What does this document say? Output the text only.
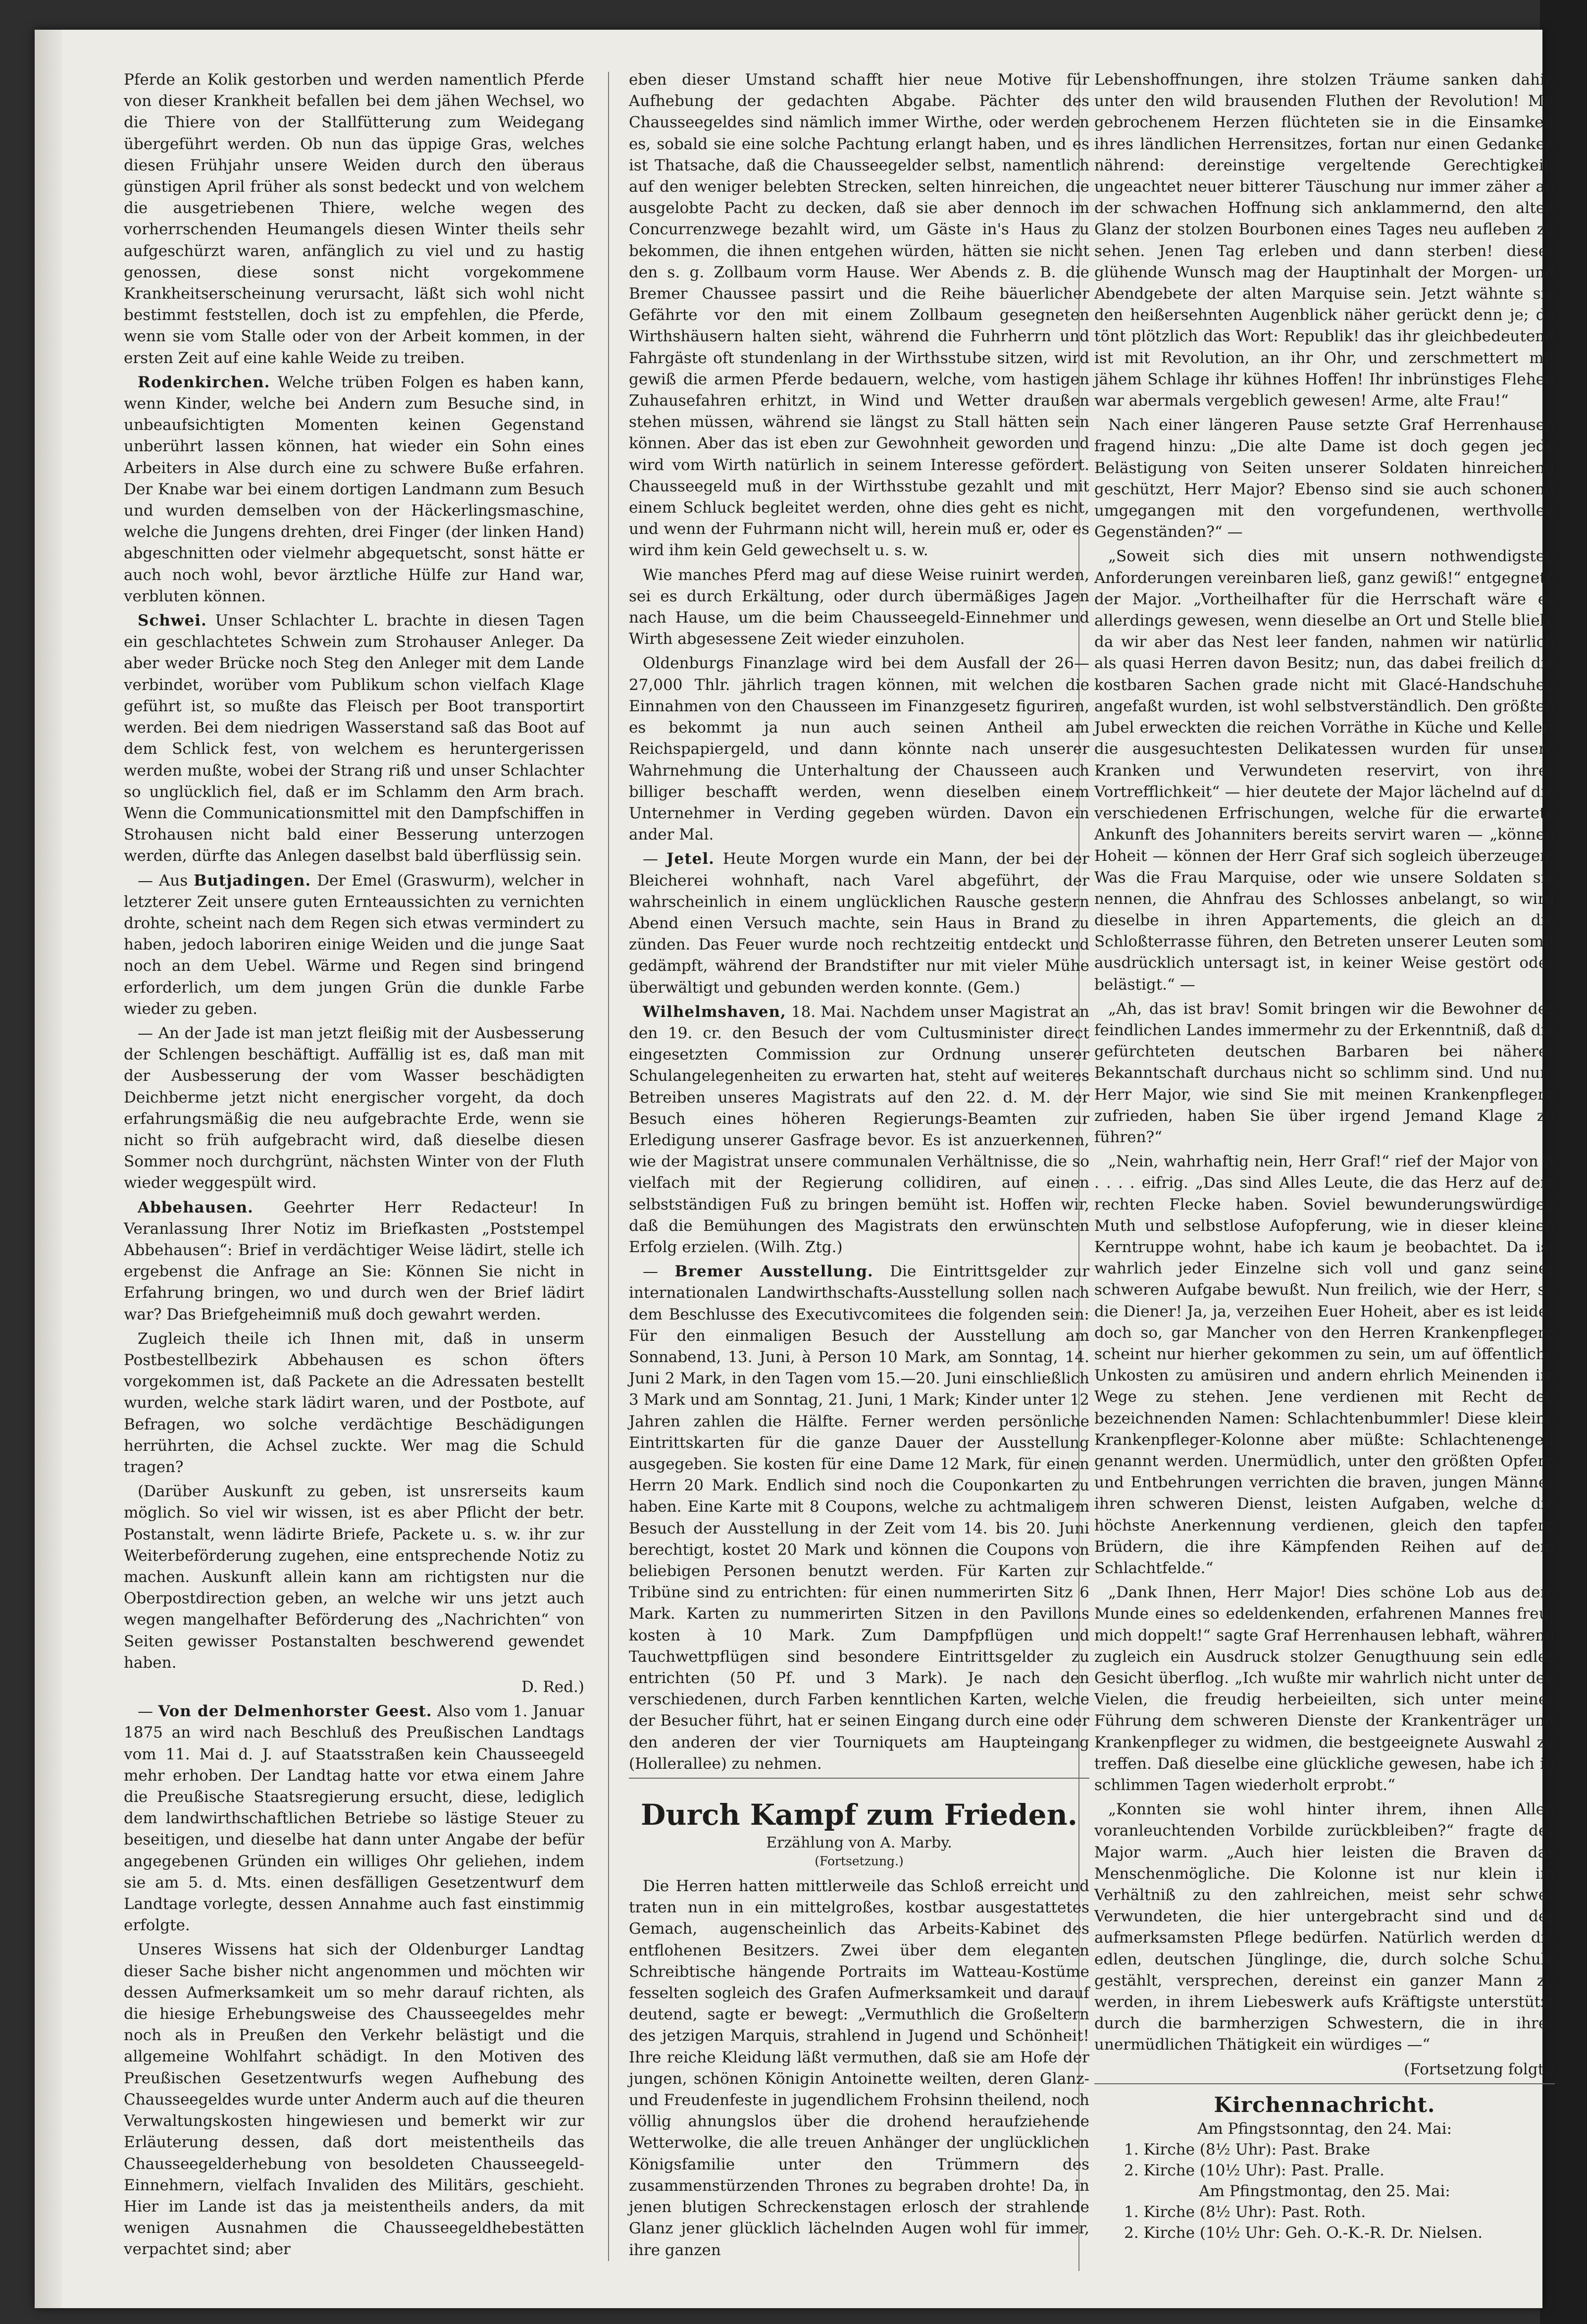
Pferde an Kolik gestorben und werden namentlich Pferde von dieser Krankheit befallen bei dem jähen Wechsel, wo die Thiere von der Stallfütterung zum Weidegang übergeführt werden. Ob nun das üppige Gras, welches diesen Frühjahr unsere Weiden durch den überaus günstigen April früher als sonst bedeckt und von welchem die ausgetriebenen Thiere, welche wegen des vorherrschenden Heumangels diesen Winter theils sehr aufgeschürzt waren, anfänglich zu viel und zu hastig genossen, diese sonst nicht vorgekommene Krankheitserscheinung verursacht, läßt sich wohl nicht bestimmt feststellen, doch ist zu empfehlen, die Pferde, wenn sie vom Stalle oder von der Arbeit kommen, in der ersten Zeit auf eine kahle Weide zu treiben.

Rodenkirchen. Welche trüben Folgen es haben kann, wenn Kinder, welche bei Andern zum Besuche sind, in unbeaufsichtigten Momenten keinen Gegenstand unberührt lassen können, hat wieder ein Sohn eines Arbeiters in Alse durch eine zu schwere Buße erfahren. Der Knabe war bei einem dortigen Landmann zum Besuch und wurden demselben von der Häckerlingsmaschine, welche die Jungens drehten, drei Finger (der linken Hand) abgeschnitten oder vielmehr abgequetscht, sonst hätte er auch noch wohl, bevor ärztliche Hülfe zur Hand war, verbluten können.

Schwei. Unser Schlachter L. brachte in diesen Tagen ein geschlachtetes Schwein zum Strohauser Anleger. Da aber weder Brücke noch Steg den Anleger mit dem Lande verbindet, worüber vom Publikum schon vielfach Klage geführt ist, so mußte das Fleisch per Boot transportirt werden. Bei dem niedrigen Wasserstand saß das Boot auf dem Schlick fest, von welchem es heruntergerissen werden mußte, wobei der Strang riß und unser Schlachter so unglücklich fiel, daß er im Schlamm den Arm brach. Wenn die Communicationsmittel mit den Dampfschiffen in Strohausen nicht bald einer Besserung unterzogen werden, dürfte das Anlegen daselbst bald überflüssig sein.

— Aus Butjadingen. Der Emel (Graswurm), welcher in letzterer Zeit unsere guten Ernteaussichten zu vernichten drohte, scheint nach dem Regen sich etwas vermindert zu haben, jedoch laboriren einige Weiden und die junge Saat noch an dem Uebel. Wärme und Regen sind bringend erforderlich, um dem jungen Grün die dunkle Farbe wieder zu geben.

— An der Jade ist man jetzt fleißig mit der Ausbesserung der Schlengen beschäftigt. Auffällig ist es, daß man mit der Ausbesserung der vom Wasser beschädigten Deichberme jetzt nicht energischer vorgeht, da doch erfahrungsmäßig die neu aufgebrachte Erde, wenn sie nicht so früh aufgebracht wird, daß dieselbe diesen Sommer noch durchgrünt, nächsten Winter von der Fluth wieder weggespült wird.

Abbehausen. Geehrter Herr Redacteur! In Veranlassung Ihrer Notiz im Briefkasten „Poststempel Abbehausen“: Brief in verdächtiger Weise lädirt, stelle ich ergebenst die Anfrage an Sie: Können Sie nicht in Erfahrung bringen, wo und durch wen der Brief lädirt war? Das Briefgeheimniß muß doch gewahrt werden.

Zugleich theile ich Ihnen mit, daß in unserm Postbestellbezirk Abbehausen es schon öfters vorgekommen ist, daß Packete an die Adressaten bestellt wurden, welche stark lädirt waren, und der Postbote, auf Befragen, wo solche verdächtige Beschädigungen herrührten, die Achsel zuckte. Wer mag die Schuld tragen?

(Darüber Auskunft zu geben, ist unsrerseits kaum möglich. So viel wir wissen, ist es aber Pflicht der betr. Postanstalt, wenn lädirte Briefe, Packete u. s. w. ihr zur Weiterbeförderung zugehen, eine entsprechende Notiz zu machen. Auskunft allein kann am richtigsten nur die Oberpostdirection geben, an welche wir uns jetzt auch wegen mangelhafter Beförderung des „Nachrichten“ von Seiten gewisser Postanstalten beschwerend gewendet haben.

D. Red.)

— Von der Delmenhorster Geest. Also vom 1. Januar 1875 an wird nach Beschluß des Preußischen Landtags vom 11. Mai d. J. auf Staatsstraßen kein Chausseegeld mehr erhoben. Der Landtag hatte vor etwa einem Jahre die Preußische Staatsregierung ersucht, diese, lediglich dem landwirthschaftlichen Betriebe so lästige Steuer zu beseitigen, und dieselbe hat dann unter Angabe der befür angegebenen Gründen ein williges Ohr geliehen, indem sie am 5. d. Mts. einen desfälligen Gesetzentwurf dem Landtage vorlegte, dessen Annahme auch fast einstimmig erfolgte.

Unseres Wissens hat sich der Oldenburger Landtag dieser Sache bisher nicht angenommen und möchten wir dessen Aufmerksamkeit um so mehr darauf richten, als die hiesige Erhebungsweise des Chausseegeldes mehr noch als in Preußen den Verkehr belästigt und die allgemeine Wohlfahrt schädigt. In den Motiven des Preußischen Gesetzentwurfs wegen Aufhebung des Chausseegeldes wurde unter Anderm auch auf die theuren Verwaltungskosten hingewiesen und bemerkt wir zur Erläuterung dessen, daß dort meistentheils das Chausseegelderhebung von besoldeten Chausseegeld-Einnehmern, vielfach Invaliden des Militärs, geschieht. Hier im Lande ist das ja meistentheils anders, da mit wenigen Ausnahmen die Chausseegeldhebestätten verpachtet sind; aber

eben dieser Umstand schafft hier neue Motive für Aufhebung der gedachten Abgabe. Pächter des Chausseegeldes sind nämlich immer Wirthe, oder werden es, sobald sie eine solche Pachtung erlangt haben, und es ist Thatsache, daß die Chausseegelder selbst, namentlich auf den weniger belebten Strecken, selten hinreichen, die ausgelobte Pacht zu decken, daß sie aber dennoch im Concurrenzwege bezahlt wird, um Gäste in's Haus zu bekommen, die ihnen entgehen würden, hätten sie nicht den s. g. Zollbaum vorm Hause. Wer Abends z. B. die Bremer Chaussee passirt und die Reihe bäuerlicher Gefährte vor den mit einem Zollbaum gesegneten Wirthshäusern halten sieht, während die Fuhrherrn und Fahrgäste oft stundenlang in der Wirthsstube sitzen, wird gewiß die armen Pferde bedauern, welche, vom hastigen Zuhausefahren erhitzt, in Wind und Wetter draußen stehen müssen, während sie längst zu Stall hätten sein können. Aber das ist eben zur Gewohnheit geworden und wird vom Wirth natürlich in seinem Interesse gefördert. Chausseegeld muß in der Wirthsstube gezahlt und mit einem Schluck begleitet werden, ohne dies geht es nicht, und wenn der Fuhrmann nicht will, herein muß er, oder es wird ihm kein Geld gewechselt u. s. w.

Wie manches Pferd mag auf diese Weise ruinirt werden, sei es durch Erkältung, oder durch übermäßiges Jagen nach Hause, um die beim Chausseegeld-Einnehmer und Wirth abgesessene Zeit wieder einzuholen.

Oldenburgs Finanzlage wird bei dem Ausfall der 26—27,000 Thlr. jährlich tragen können, mit welchen die Einnahmen von den Chausseen im Finanzgesetz figuriren, es bekommt ja nun auch seinen Antheil am Reichspapiergeld, und dann könnte nach unserer Wahrnehmung die Unterhaltung der Chausseen auch billiger beschafft werden, wenn dieselben einem Unternehmer in Verding gegeben würden. Davon ein ander Mal.

— Jetel. Heute Morgen wurde ein Mann, der bei der Bleicherei wohnhaft, nach Varel abgeführt, der wahrscheinlich in einem unglücklichen Rausche gestern Abend einen Versuch machte, sein Haus in Brand zu zünden. Das Feuer wurde noch rechtzeitig entdeckt und gedämpft, während der Brandstifter nur mit vieler Mühe überwältigt und gebunden werden konnte. (Gem.)

Wilhelmshaven, 18. Mai. Nachdem unser Magistrat an den 19. cr. den Besuch der vom Cultusminister direct eingesetzten Commission zur Ordnung unserer Schulangelegenheiten zu erwarten hat, steht auf weiteres Betreiben unseres Magistrats auf den 22. d. M. der Besuch eines höheren Regierungs-Beamten zur Erledigung unserer Gasfrage bevor. Es ist anzuerkennen, wie der Magistrat unsere communalen Verhältnisse, die so vielfach mit der Regierung collidiren, auf einen selbstständigen Fuß zu bringen bemüht ist. Hoffen wir, daß die Bemühungen des Magistrats den erwünschten Erfolg erzielen. (Wilh. Ztg.)

— Bremer Ausstellung. Die Eintrittsgelder zur internationalen Landwirthschafts-Ausstellung sollen nach dem Beschlusse des Executivcomitees die folgenden sein: Für den einmaligen Besuch der Ausstellung am Sonnabend, 13. Juni, à Person 10 Mark, am Sonntag, 14. Juni 2 Mark, in den Tagen vom 15.—20. Juni einschließlich 3 Mark und am Sonntag, 21. Juni, 1 Mark; Kinder unter 12 Jahren zahlen die Hälfte. Ferner werden persönliche Eintrittskarten für die ganze Dauer der Ausstellung ausgegeben. Sie kosten für eine Dame 12 Mark, für einen Herrn 20 Mark. Endlich sind noch die Couponkarten zu haben. Eine Karte mit 8 Coupons, welche zu achtmaligem Besuch der Ausstellung in der Zeit vom 14. bis 20. Juni berechtigt, kostet 20 Mark und können die Coupons von beliebigen Personen benutzt werden. Für Karten zur Tribüne sind zu entrichten: für einen nummerirten Sitz 6 Mark. Karten zu nummerirten Sitzen in den Pavillons kosten à 10 Mark. Zum Dampfpflügen und Tauchwettpflügen sind besondere Eintrittsgelder zu entrichten (50 Pf. und 3 Mark). Je nach den verschiedenen, durch Farben kenntlichen Karten, welche der Besucher führt, hat er seinen Eingang durch eine oder den anderen der vier Tourniquets am Haupteingang (Hollerallee) zu nehmen.

Durch Kampf zum Frieden.
Erzählung von A. Marby.
(Fortsetzung.)

Die Herren hatten mittlerweile das Schloß erreicht und traten nun in ein mittelgroßes, kostbar ausgestattetes Gemach, augenscheinlich das Arbeits-Kabinet des entflohenen Besitzers. Zwei über dem eleganten Schreibtische hängende Portraits im Watteau-Kostüme fesselten sogleich des Grafen Aufmerksamkeit und darauf deutend, sagte er bewegt: „Vermuthlich die Großeltern des jetzigen Marquis, strahlend in Jugend und Schönheit! Ihre reiche Kleidung läßt vermuthen, daß sie am Hofe der jungen, schönen Königin Antoinette weilten, deren Glanz- und Freudenfeste in jugendlichem Frohsinn theilend, noch völlig ahnungslos über die drohend heraufziehende Wetterwolke, die alle treuen Anhänger der unglücklichen Königsfamilie unter den Trümmern des zusammenstürzenden Thrones zu begraben drohte! Da, in jenen blutigen Schreckenstagen erlosch der strahlende Glanz jener glücklich lächelnden Augen wohl für immer, ihre ganzen

Lebenshoffnungen, ihre stolzen Träume sanken dahin unter den wild brausenden Fluthen der Revolution! Mit gebrochenem Herzen flüchteten sie in die Einsamkeit ihres ländlichen Herrensitzes, fortan nur einen Gedanken nährend: dereinstige vergeltende Gerechtigkeit, ungeachtet neuer bitterer Täuschung nur immer zäher an der schwachen Hoffnung sich anklammernd, den alten Glanz der stolzen Bourbonen eines Tages neu aufleben zu sehen. Jenen Tag erleben und dann sterben! dieser glühende Wunsch mag der Hauptinhalt der Morgen- und Abendgebete der alten Marquise sein. Jetzt wähnte sie den heißersehnten Augenblick näher gerückt denn je; da tönt plötzlich das Wort: Republik! das ihr gleichbedeutend ist mit Revolution, an ihr Ohr, und zerschmettert mit jähem Schlage ihr kühnes Hoffen! Ihr inbrünstiges Flehen war abermals vergeblich gewesen! Arme, alte Frau!“

Nach einer längeren Pause setzte Graf Herrenhausen fragend hinzu: „Die alte Dame ist doch gegen jede Belästigung von Seiten unserer Soldaten hinreichend geschützt, Herr Major? Ebenso sind sie auch schonend umgegangen mit den vorgefundenen, werthvollen Gegenständen?“ —

„Soweit sich dies mit unsern nothwendigsten Anforderungen vereinbaren ließ, ganz gewiß!“ entgegnete der Major. „Vortheilhafter für die Herrschaft wäre es allerdings gewesen, wenn dieselbe an Ort und Stelle blieb; da wir aber das Nest leer fanden, nahmen wir natürlich als quasi Herren davon Besitz; nun, das dabei freilich die kostbaren Sachen grade nicht mit Glacé-Handschuhen angefaßt wurden, ist wohl selbstverständlich. Den größten Jubel erweckten die reichen Vorräthe in Küche und Keller; die ausgesuchtesten Delikatessen wurden für unsere Kranken und Verwundeten reservirt, von ihrer Vortrefflichkeit“ — hier deutete der Major lächelnd auf die verschiedenen Erfrischungen, welche für die erwartete Ankunft des Johanniters bereits servirt waren — „können Hoheit — können der Herr Graf sich sogleich überzeugen. Was die Frau Marquise, oder wie unsere Soldaten sie nennen, die Ahnfrau des Schlosses anbelangt, so wird dieselbe in ihren Appartements, die gleich an die Schloßterrasse führen, den Betreten unserer Leuten somit ausdrücklich untersagt ist, in keiner Weise gestört oder belästigt.“ —

„Ah, das ist brav! Somit bringen wir die Bewohner des feindlichen Landes immermehr zu der Erkenntniß, daß die gefürchteten deutschen Barbaren bei näherer Bekanntschaft durchaus nicht so schlimm sind. Und nun, Herr Major, wie sind Sie mit meinen Krankenpflegern zufrieden, haben Sie über irgend Jemand Klage zu führen?“

„Nein, wahrhaftig nein, Herr Graf!“ rief der Major von A . . . . eifrig. „Das sind Alles Leute, die das Herz auf dem rechten Flecke haben. Soviel bewunderungswürdigen Muth und selbstlose Aufopferung, wie in dieser kleinen Kerntruppe wohnt, habe ich kaum je beobachtet. Da ist wahrlich jeder Einzelne sich voll und ganz seiner schweren Aufgabe bewußt. Nun freilich, wie der Herr, so die Diener! Ja, ja, verzeihen Euer Hoheit, aber es ist leider doch so, gar Mancher von den Herren Krankenpflegern scheint nur hierher gekommen zu sein, um auf öffentliche Unkosten zu amüsiren und andern ehrlich Meinenden im Wege zu stehen. Jene verdienen mit Recht den bezeichnenden Namen: Schlachtenbummler! Diese kleine Krankenpfleger-Kolonne aber müßte: Schlachtenengel! genannt werden. Unermüdlich, unter den größten Opfern und Entbehrungen verrichten die braven, jungen Männer ihren schweren Dienst, leisten Aufgaben, welche die höchste Anerkennung verdienen, gleich den tapfern Brüdern, die ihre Kämpfenden Reihen auf dem Schlachtfelde.“

„Dank Ihnen, Herr Major! Dies schöne Lob aus dem Munde eines so edeldenkenden, erfahrenen Mannes freut mich doppelt!“ sagte Graf Herrenhausen lebhaft, während zugleich ein Ausdruck stolzer Genugthuung sein edles Gesicht überflog. „Ich wußte mir wahrlich nicht unter den Vielen, die freudig herbeieilten, sich unter meiner Führung dem schweren Dienste der Krankenträger und Krankenpfleger zu widmen, die bestgeeignete Auswahl zu treffen. Daß dieselbe eine glückliche gewesen, habe ich in schlimmen Tagen wiederholt erprobt.“

„Konnten sie wohl hinter ihrem, ihnen Allen voranleuchtenden Vorbilde zurückbleiben?“ fragte der Major warm. „Auch hier leisten die Braven das Menschenmögliche. Die Kolonne ist nur klein im Verhältniß zu den zahlreichen, meist sehr schwer Verwundeten, die hier untergebracht sind und der aufmerksamsten Pflege bedürfen. Natürlich werden die edlen, deutschen Jünglinge, die, durch solche Schule gestählt, versprechen, dereinst ein ganzer Mann zu werden, in ihrem Liebeswerk aufs Kräftigste unterstützt durch die barmherzigen Schwestern, die in ihrer unermüdlichen Thätigkeit ein würdiges —“

(Fortsetzung folgt.)

Kirchennachricht.
Am Pfingstsonntag, den 24. Mai:
1. Kirche (8½ Uhr): Past. Brake
2. Kirche (10½ Uhr): Past. Pralle.
Am Pfingstmontag, den 25. Mai:
1. Kirche (8½ Uhr): Past. Roth.
2. Kirche (10½ Uhr: Geh. O.-K.-R. Dr. Nielsen.
